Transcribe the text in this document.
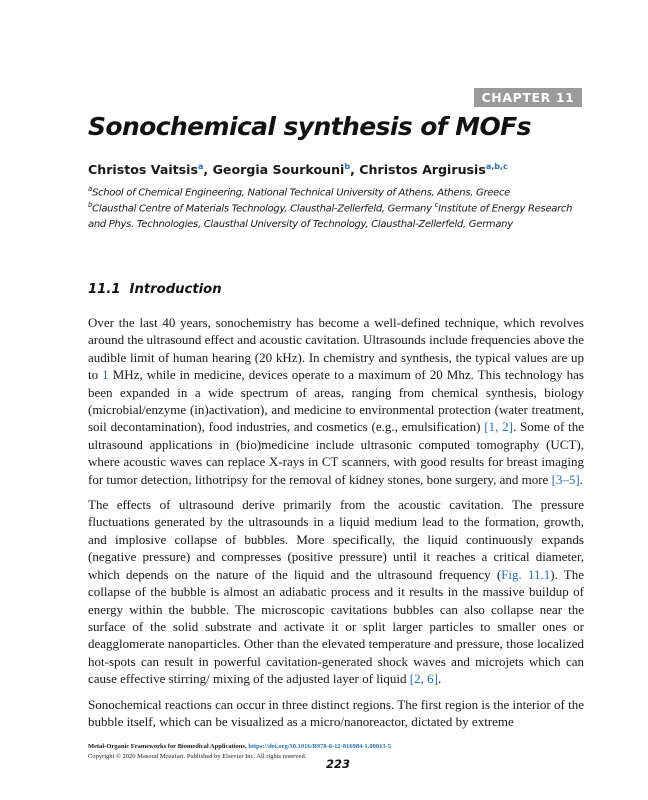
CHAPTER 11
Sonochemical synthesis of MOFs
Christos Vaitsis$^a$, Georgia Sourkouni$^b$, Christos Argirusis$^{a,b,c}$
$^a$School of Chemical Engineering, National Technical University of Athens, Athens, Greece
$^b$Clausthal Centre of Materials Technology, Clausthal-Zellerfeld, Germany $^c$Institute of Energy Research and Phys. Technologies, Clausthal University of Technology, Clausthal-Zellerfeld, Germany
11.1 Introduction

Over the last 40 years, sonochemistry has become a well-defined technique, which revolves around the ultrasound effect and acoustic cavitation. Ultrasounds include frequencies above the audible limit of human hearing (20 kHz). In chemistry and synthesis, the typical values are up to 1 MHz, while in medicine, devices operate to a maximum of 20 Mhz. This technology has been expanded in a wide spectrum of areas, ranging from chemical synthesis, biology (microbial/enzyme (in)activation), and medicine to environmental protection (water treatment, soil decontamination), food industries, and cosmetics (e.g., emulsification) [1, 2]. Some of the ultrasound applications in (bio)medicine include ultrasonic computed tomography (UCT), where acoustic waves can replace X-rays in CT scanners, with good results for breast imaging for tumor detection, lithotripsy for the removal of kidney stones, bone surgery, and more [3–5].

The effects of ultrasound derive primarily from the acoustic cavitation. The pressure fluctuations generated by the ultrasounds in a liquid medium lead to the formation, growth, and implosive collapse of bubbles. More specifically, the liquid continuously expands (negative pressure) and compresses (positive pressure) until it reaches a critical diameter, which depends on the nature of the liquid and the ultrasound frequency (Fig. 11.1). The collapse of the bubble is almost an adiabatic process and it results in the massive buildup of energy within the bubble. The microscopic cavitations bubbles can also collapse near the surface of the solid substrate and activate it or split larger particles to smaller ones or deagglomerate nanoparticles. Other than the elevated temperature and pressure, those localized hot-spots can result in powerful cavitation-generated shock waves and microjets which can cause effective stirring/ mixing of the adjusted layer of liquid [2, 6].

Sonochemical reactions can occur in three distinct regions. The first region is the interior of the bubble itself, which can be visualized as a micro/nanoreactor, dictated by extreme

Metal-Organic Frameworks for Biomedical Applications. https://doi.org/10.1016/B978-0-12-816984-1.00013-5
Copyright © 2020 Masoud Mozafari. Published by Elsevier Inc. All rights reserved.
223
